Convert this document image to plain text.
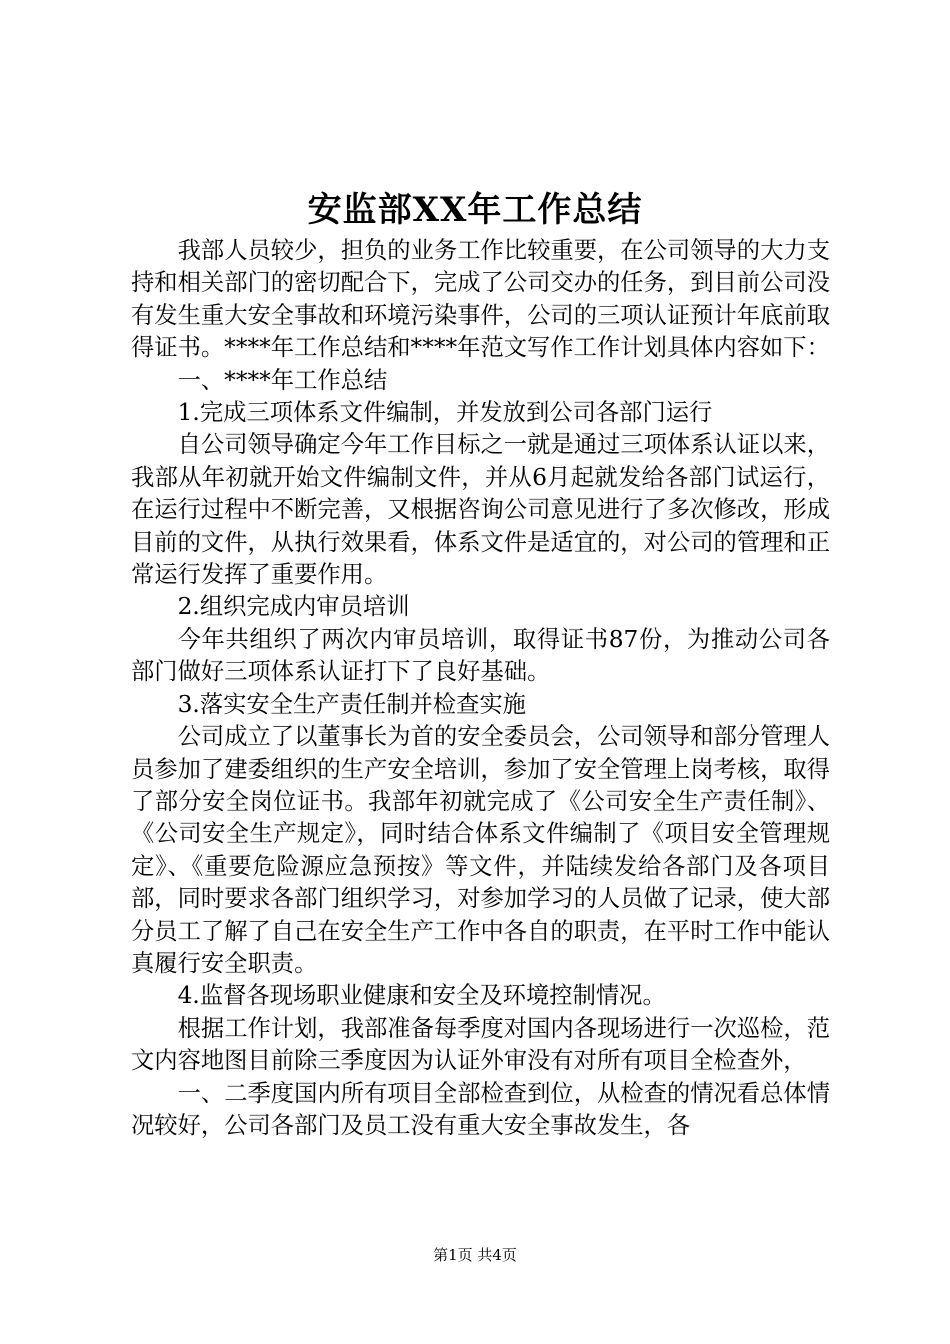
安监部XX年工作总结

我部人员较少，担负的业务工作比较重要，在公司领导的大力支持和相关部门的密切配合下，完成了公司交办的任务，到目前公司没有发生重大安全事故和环境污染事件，公司的三项认证预计年底前取得证书。****年工作总结和****年范文写作工作计划具体内容如下：

一、****年工作总结

1.完成三项体系文件编制，并发放到公司各部门运行

自公司领导确定今年工作目标之一就是通过三项体系认证以来，我部从年初就开始文件编制文件，并从6月起就发给各部门试运行，在运行过程中不断完善，又根据咨询公司意见进行了多次修改，形成目前的文件，从执行效果看，体系文件是适宜的，对公司的管理和正常运行发挥了重要作用。

2.组织完成内审员培训

今年共组织了两次内审员培训，取得证书87份，为推动公司各部门做好三项体系认证打下了良好基础。

3.落实安全生产责任制并检查实施

公司成立了以董事长为首的安全委员会，公司领导和部分管理人员参加了建委组织的生产安全培训，参加了安全管理上岗考核，取得了部分安全岗位证书。我部年初就完成了《公司安全生产责任制》、《公司安全生产规定》，同时结合体系文件编制了《项目安全管理规定》、《重要危险源应急预按》等文件，并陆续发给各部门及各项目部，同时要求各部门组织学习，对参加学习的人员做了记录，使大部分员工了解了自己在安全生产工作中各自的职责，在平时工作中能认真履行安全职责。

4.监督各现场职业健康和安全及环境控制情况。

根据工作计划，我部准备每季度对国内各现场进行一次巡检，范文内容地图目前除三季度因为认证外审没有对所有项目全检查外，

一、二季度国内所有项目全部检查到位，从检查的情况看总体情况较好，公司各部门及员工没有重大安全事故发生，各

第1页 共4页
